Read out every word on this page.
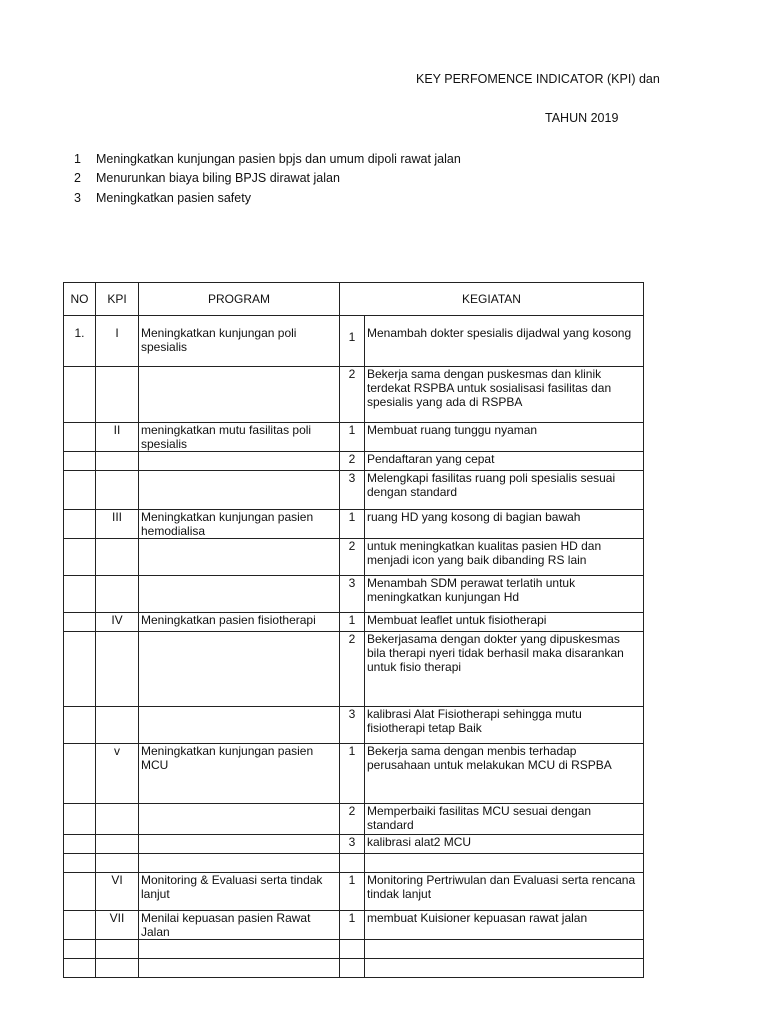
KEY PERFOMENCE INDICATOR (KPI) dan
TAHUN 2019
1	Meningkatkan kunjungan pasien bpjs dan umum dipoli rawat jalan
2	Menurunkan biaya biling BPJS dirawat jalan
3	Meningkatkan pasien safety
NO	KPI	PROGRAM	KEGIATAN	
1.	I	Meningkatkan kunjungan poli spesialis	1	Menambah dokter spesialis dijadwal yang kosong
			2	Bekerja sama dengan puskesmas dan klinik terdekat RSPBA untuk sosialisasi fasilitas dan spesialis yang ada di RSPBA
	II	meningkatkan mutu fasilitas poli spesialis	1	Membuat ruang tunggu nyaman
			2	Pendaftaran yang cepat
			3	Melengkapi fasilitas ruang poli spesialis sesuai dengan standard
	III	Meningkatkan kunjungan pasien hemodialisa	1	ruang HD yang kosong di bagian bawah
			2	untuk meningkatkan kualitas pasien HD dan menjadi icon yang baik dibanding RS lain
			3	Menambah SDM perawat terlatih untuk meningkatkan kunjungan Hd
	IV	Meningkatkan pasien fisiotherapi	1	Membuat leaflet untuk fisiotherapi
			2	Bekerjasama dengan dokter yang dipuskesmas bila therapi nyeri tidak berhasil maka disarankan untuk fisio therapi
			3	kalibrasi Alat Fisiotherapi sehingga mutu fisiotherapi tetap Baik
	v	Meningkatkan kunjungan pasien MCU	1	Bekerja sama dengan menbis terhadap perusahaan untuk melakukan MCU di RSPBA
			2	Memperbaiki fasilitas MCU sesuai dengan standard
			3	kalibrasi alat2 MCU

	VI	Monitoring & Evaluasi serta tindak lanjut	1	Monitoring Pertriwulan dan Evaluasi serta rencana tindak lanjut
	VII	Menilai kepuasan pasien Rawat Jalan	1	membuat Kuisioner kepuasan rawat jalan
